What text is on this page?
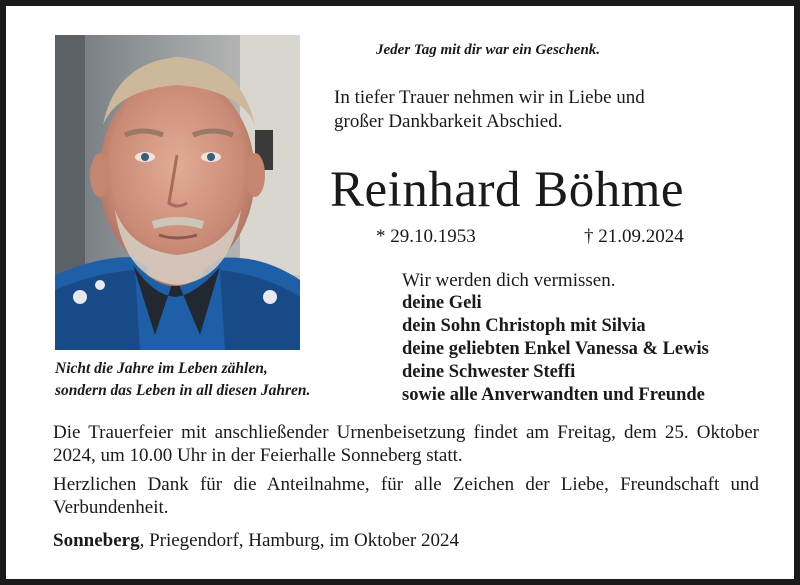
Nicht die Jahre im Leben zählen,
sondern das Leben in all diesen Jahren.
Jeder Tag mit dir war ein Geschenk.
In tiefer Trauer nehmen wir in Liebe und
großer Dankbarkeit Abschied.
Reinhard Böhme
* 29.10.1953	† 21.09.2024
Wir werden dich vermissen.
deine Geli
dein Sohn Christoph mit Silvia
deine geliebten Enkel Vanessa & Lewis
deine Schwester Steffi
sowie alle Anverwandten und Freunde
Die Trauerfeier mit anschließender Urnenbeisetzung findet am Freitag, dem 25. Oktober 2024, um 10.00 Uhr in der Feierhalle Sonneberg statt.
Herzlichen Dank für die Anteilnahme, für alle Zeichen der Liebe, Freundschaft und Verbundenheit.
Sonneberg, Priegendorf, Hamburg, im Oktober 2024
